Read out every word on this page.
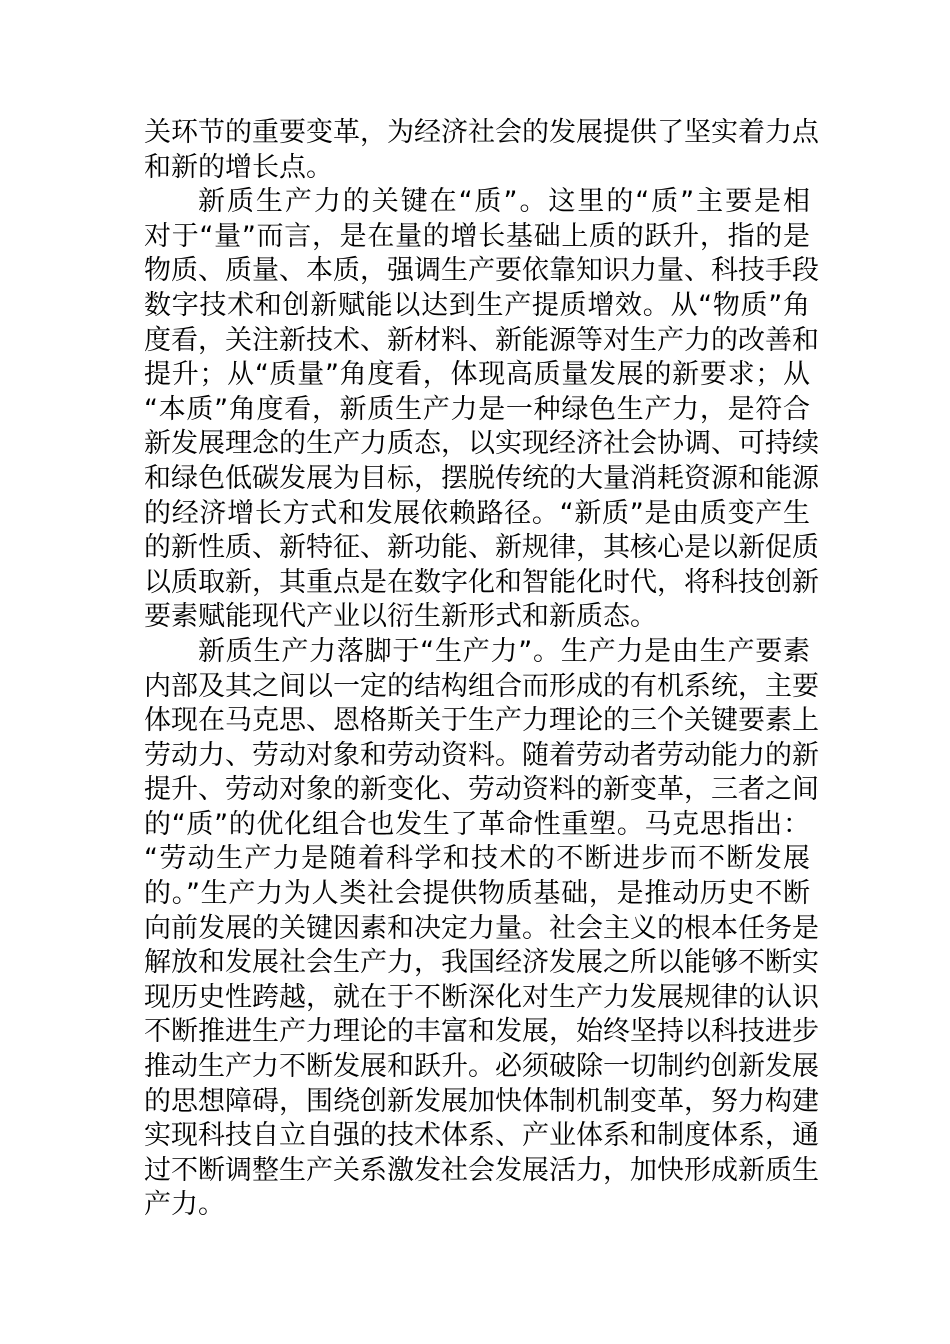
关环节的重要变革，为经济社会的发展提供了坚实着力点
和新的增长点。
新质生产力的关键在“质”。这里的“质”主要是相
对于“量”而言，是在量的增长基础上质的跃升，指的是
物质、质量、本质，强调生产要依靠知识力量、科技手段
数字技术和创新赋能以达到生产提质增效。从“物质”角
度看，关注新技术、新材料、新能源等对生产力的改善和
提升；从“质量”角度看，体现高质量发展的新要求；从
“本质”角度看，新质生产力是一种绿色生产力，是符合
新发展理念的生产力质态，以实现经济社会协调、可持续
和绿色低碳发展为目标，摆脱传统的大量消耗资源和能源
的经济增长方式和发展依赖路径。“新质”是由质变产生
的新性质、新特征、新功能、新规律，其核心是以新促质
以质取新，其重点是在数字化和智能化时代，将科技创新
要素赋能现代产业以衍生新形式和新质态。
新质生产力落脚于“生产力”。生产力是由生产要素
内部及其之间以一定的结构组合而形成的有机系统，主要
体现在马克思、恩格斯关于生产力理论的三个关键要素上
劳动力、劳动对象和劳动资料。随着劳动者劳动能力的新
提升、劳动对象的新变化、劳动资料的新变革，三者之间
的“质”的优化组合也发生了革命性重塑。马克思指出：
“劳动生产力是随着科学和技术的不断进步而不断发展
的。”生产力为人类社会提供物质基础，是推动历史不断
向前发展的关键因素和决定力量。社会主义的根本任务是
解放和发展社会生产力，我国经济发展之所以能够不断实
现历史性跨越，就在于不断深化对生产力发展规律的认识
不断推进生产力理论的丰富和发展，始终坚持以科技进步
推动生产力不断发展和跃升。必须破除一切制约创新发展
的思想障碍，围绕创新发展加快体制机制变革，努力构建
实现科技自立自强的技术体系、产业体系和制度体系，通
过不断调整生产关系激发社会发展活力，加快形成新质生
产力。
